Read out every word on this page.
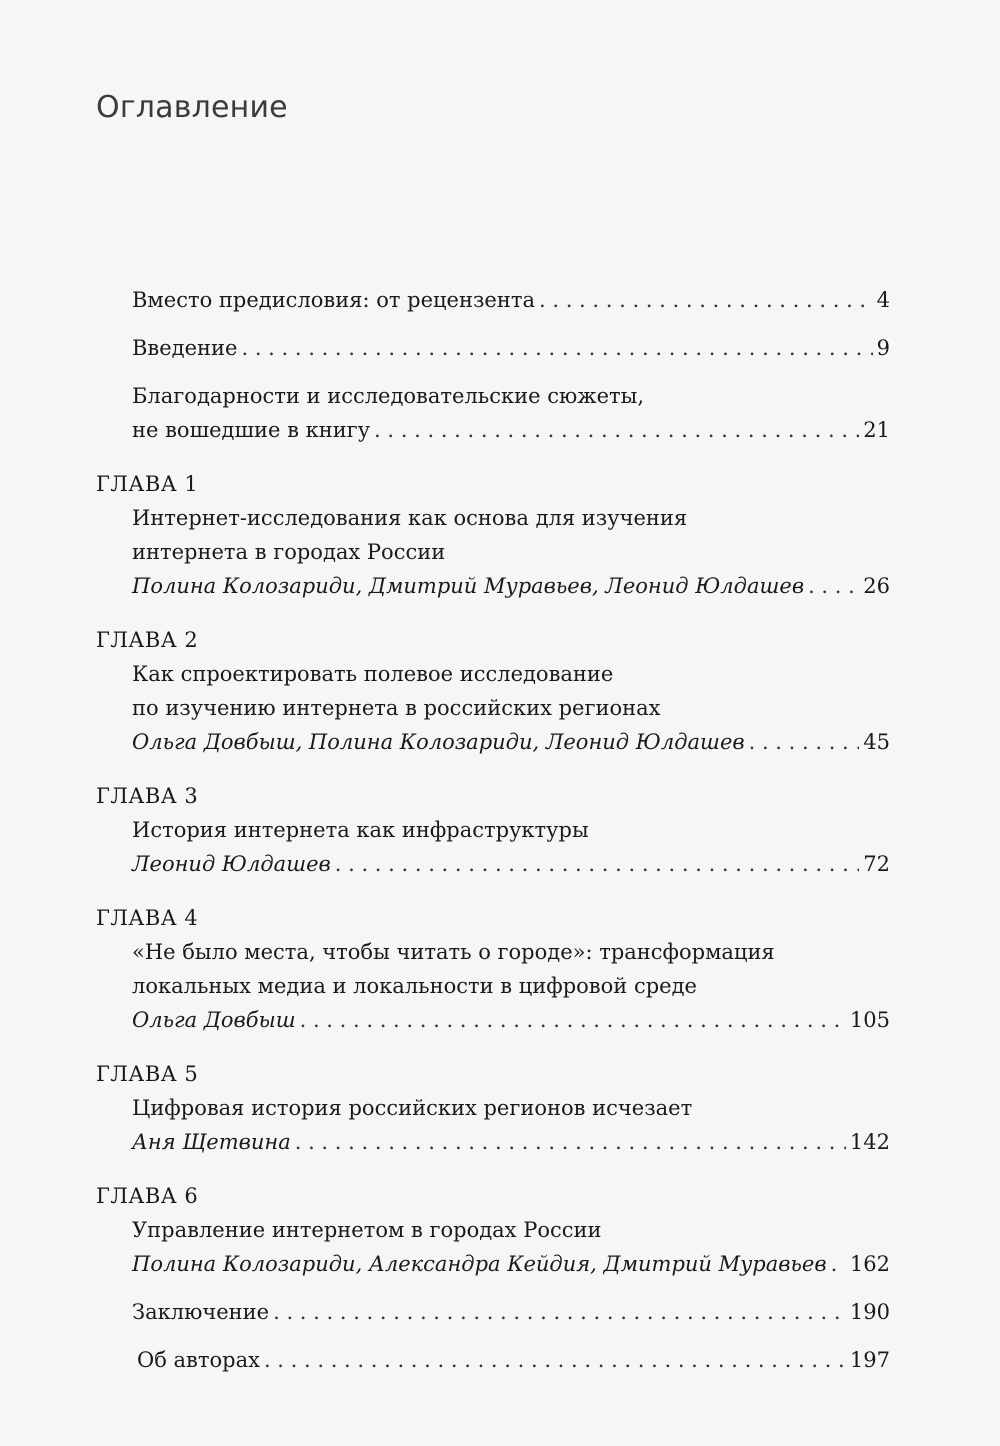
Оглавление
Вместо предисловия: от рецензента . . .	4
Введение . . .	9
Благодарности и исследовательские сюжеты,
не вошедшие в книгу . . .	21
ГЛАВА 1
Интернет-исследования как основа для изучения
интернета в городах России
Полина Колозариди, Дмитрий Муравьев, Леонид Юлдашев . . .	26
ГЛАВА 2
Как спроектировать полевое исследование
по изучению интернета в российских регионах
Ольга Довбыш, Полина Колозариди, Леонид Юлдашев . . .	45
ГЛАВА 3
История интернета как инфраструктуры
Леонид Юлдашев . . .	72
ГЛАВА 4
«Не было места, чтобы читать о городе»: трансформация
локальных медиа и локальности в цифровой среде
Ольга Довбыш . . .	105
ГЛАВА 5
Цифровая история российских регионов исчезает
Аня Щетвина . . .	142
ГЛАВА 6
Управление интернетом в городах России
Полина Колозариди, Александра Кейдия, Дмитрий Муравьев . . . 162
Заключение . . .	190
Об авторах . . .	197
